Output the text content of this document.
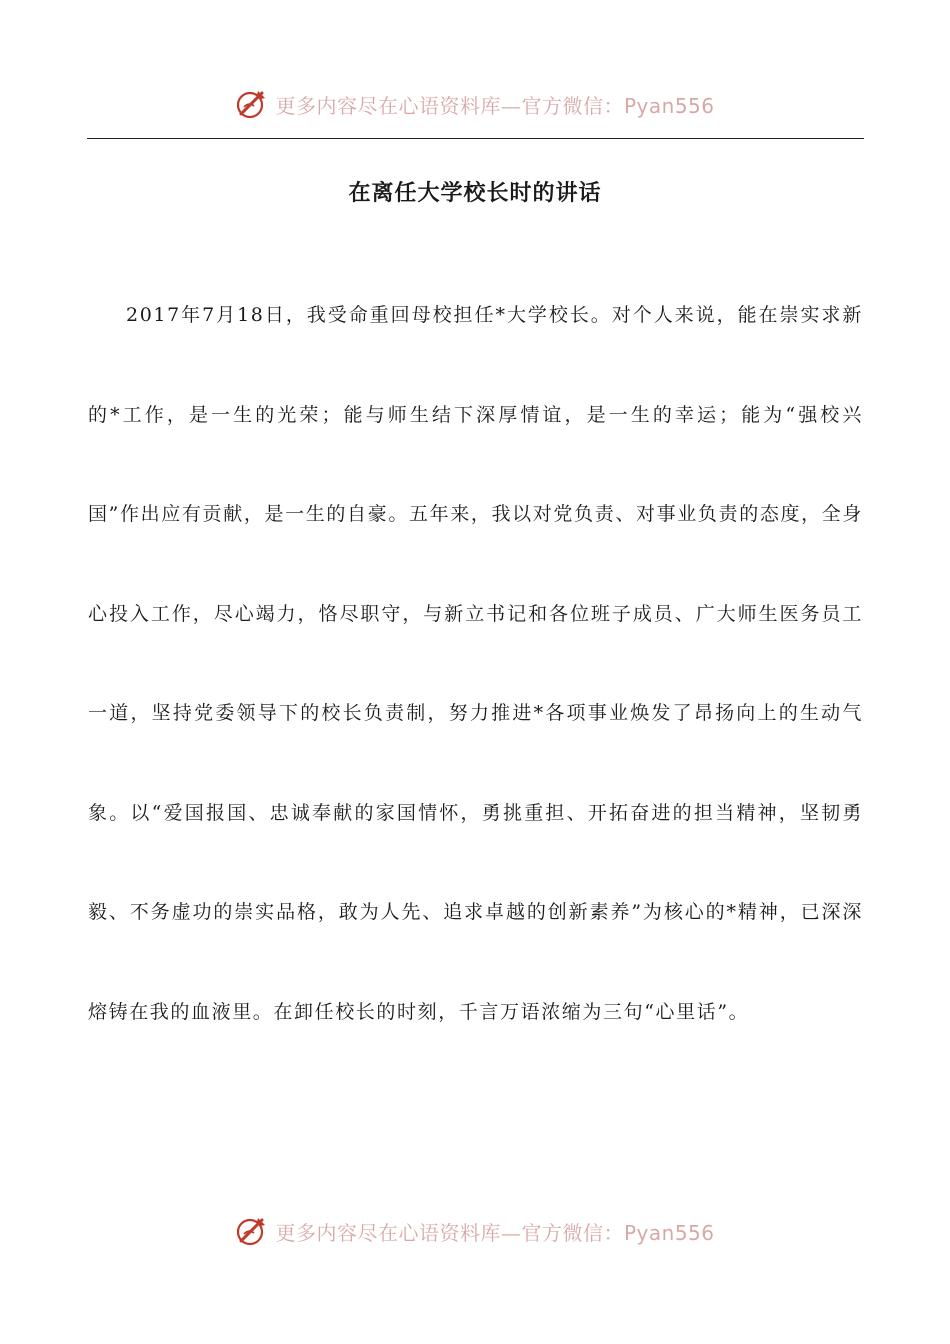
更多内容尽在心语资料库—官方微信：Pyan556
在离任大学校长时的讲话
2017年7月18日，我受命重回母校担任*大学校长。对个人来说，能在崇实求新的*工作，是一生的光荣；能与师生结下深厚情谊，是一生的幸运；能为“强校兴国”作出应有贡献，是一生的自豪。五年来，我以对党负责、对事业负责的态度，全身心投入工作，尽心竭力，恪尽职守，与新立书记和各位班子成员、广大师生医务员工一道，坚持党委领导下的校长负责制，努力推进*各项事业焕发了昂扬向上的生动气象。以“爱国报国、忠诚奉献的家国情怀，勇挑重担、开拓奋进的担当精神，坚韧勇毅、不务虚功的崇实品格，敢为人先、追求卓越的创新素养”为核心的*精神，已深深熔铸在我的血液里。在卸任校长的时刻，千言万语浓缩为三句“心里话”。
更多内容尽在心语资料库—官方微信：Pyan556
